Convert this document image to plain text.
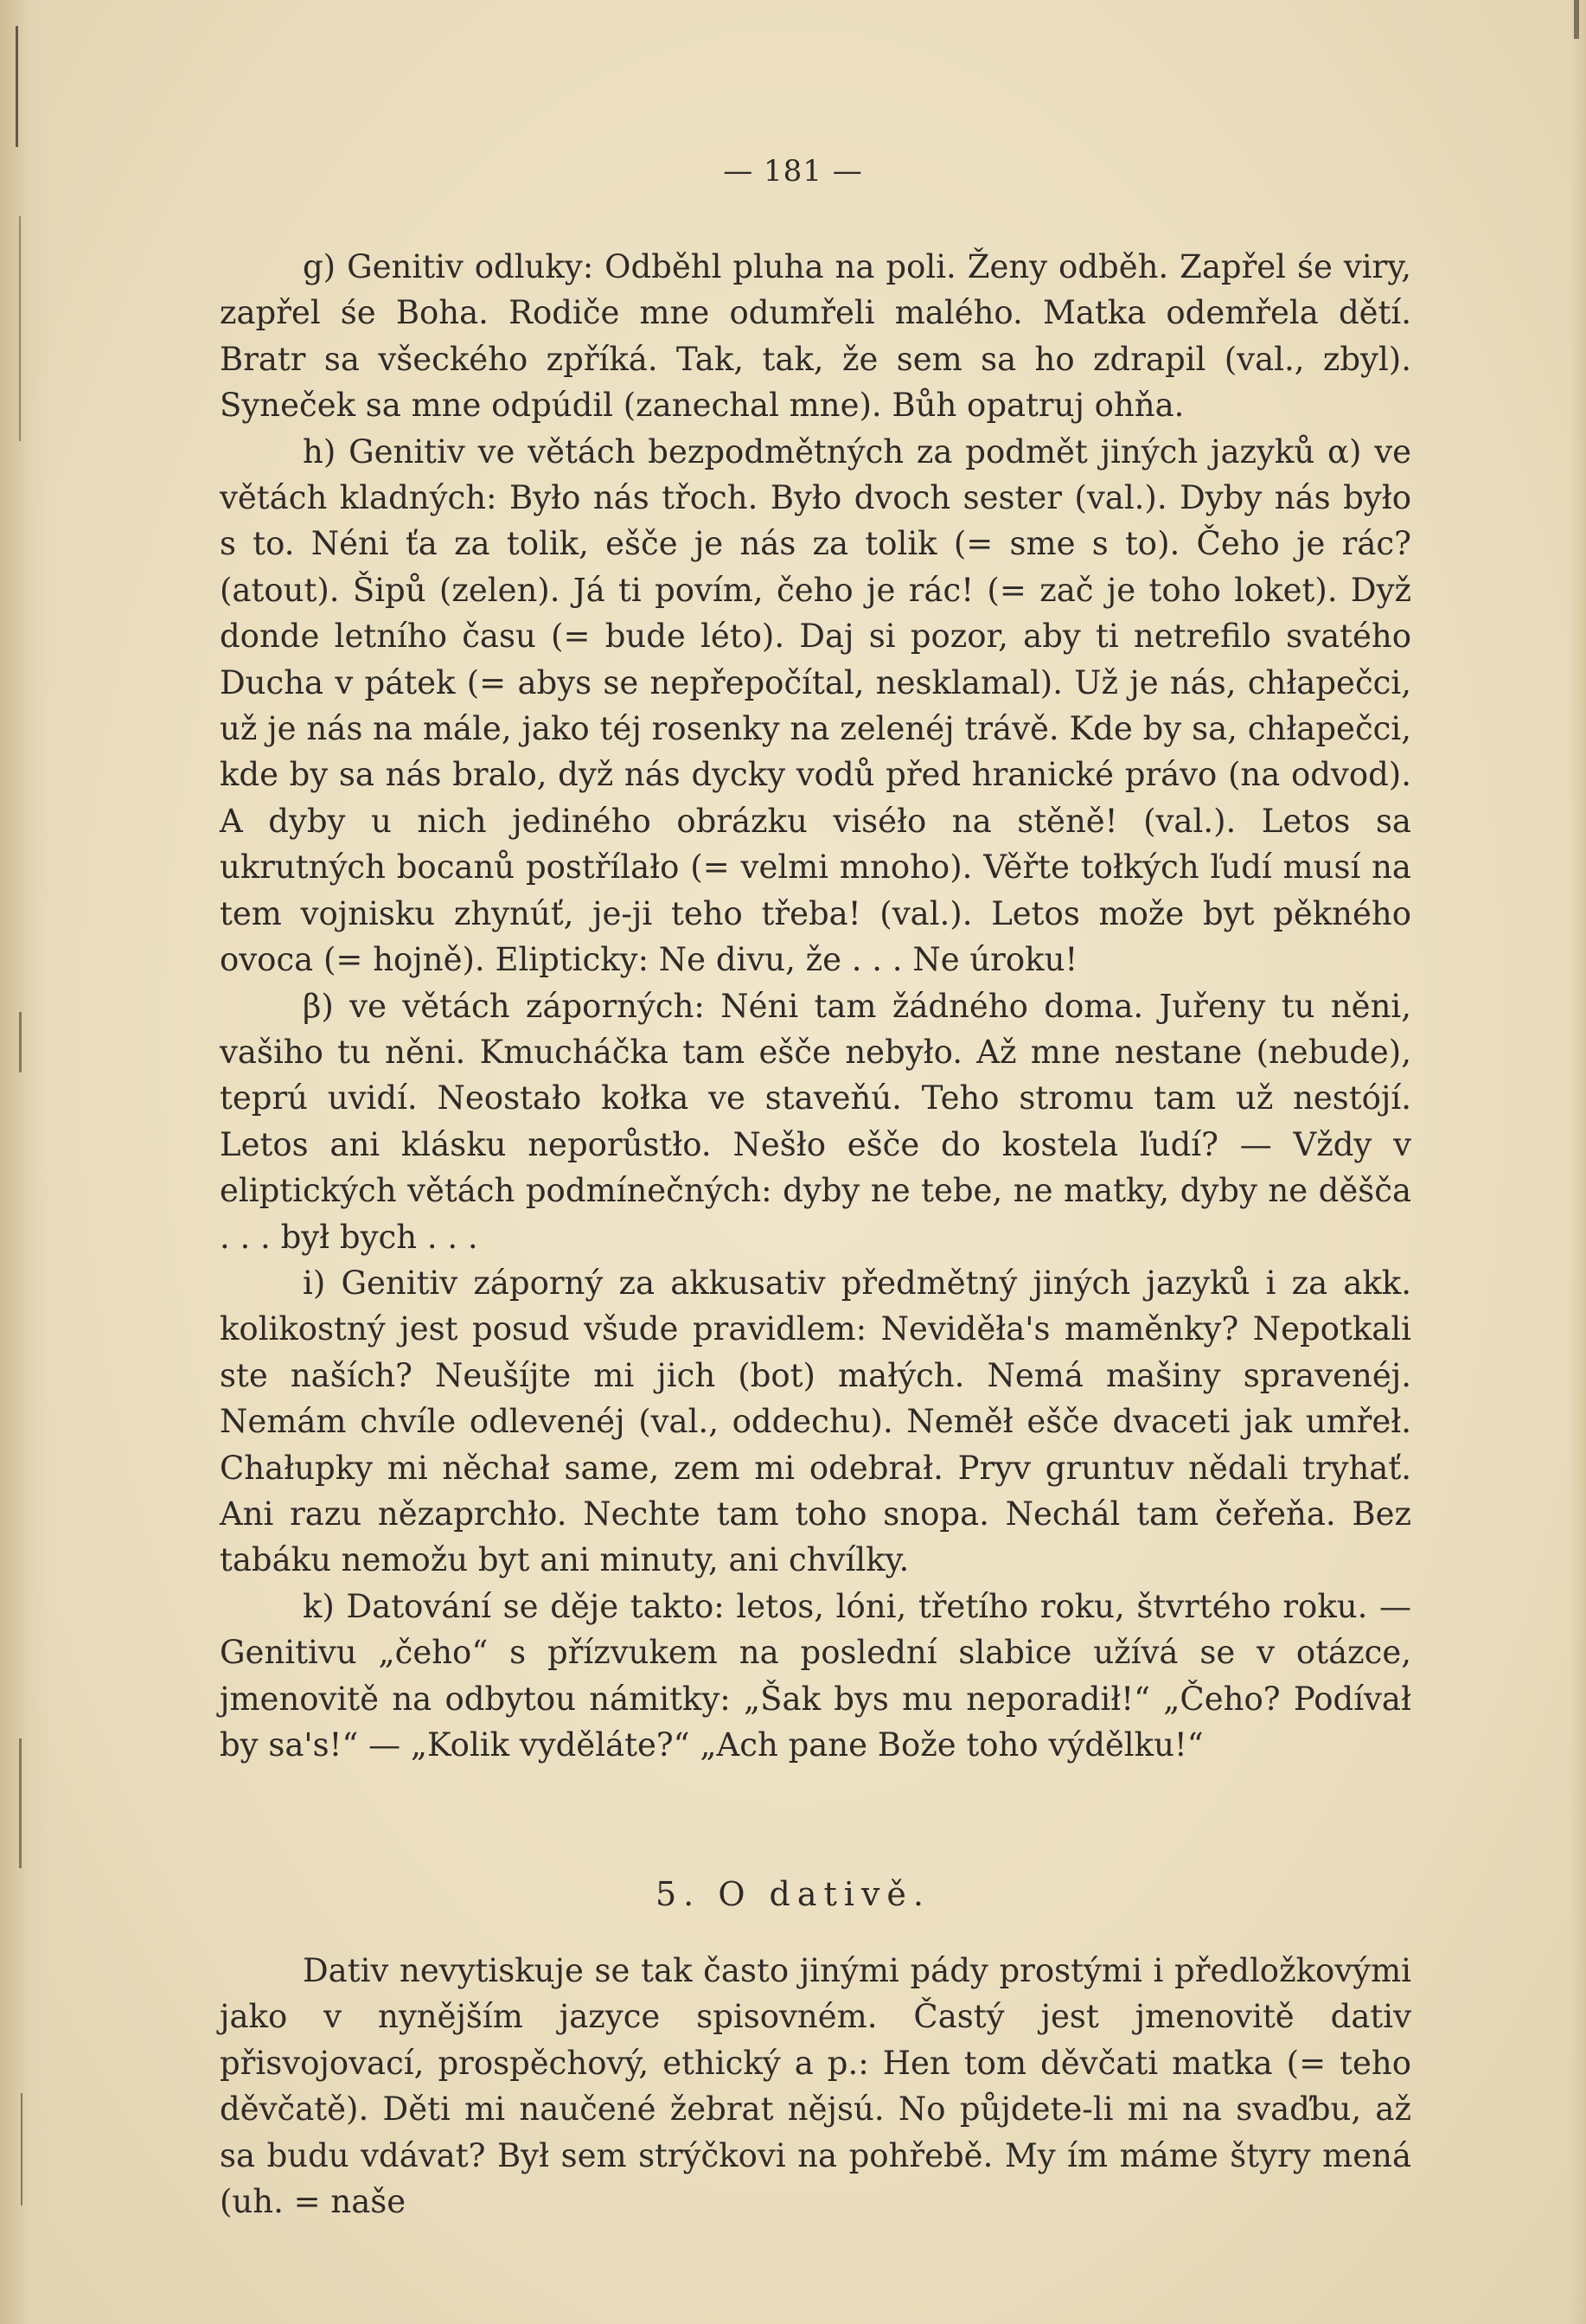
— 181 —

g) Genitiv odluky: Odběhl pluha na poli. Ženy odběh. Zapřel śe viry, zapřel śe Boha. Rodiče mne odumřeli malého. Matka odemřela dětí. Bratr sa všeckého zpříká. Tak, tak, že sem sa ho zdrapil (val., zbyl). Syneček sa mne odpúdil (zanechal mne). Bůh opatruj ohňa.

h) Genitiv ve větách bezpodmětných za podmět jiných jazyků α) ve větách kladných: Było nás třoch. Było dvoch sester (val.). Dyby nás było s to. Néni ťa za tolik, ešče je nás za tolik (= sme s to). Čeho je rác? (atout). Šipů (zelen). Já ti povím, čeho je rác! (= zač je toho loket). Dyž donde letního času (= bude léto). Daj si pozor, aby ti netrefilo svatého Ducha v pátek (= abys se nepřepočítal, nesklamal). Už je nás, chłapečci, už je nás na mále, jako téj rosenky na zelenéj trávě. Kde by sa, chłapečci, kde by sa nás bralo, dyž nás dycky vodů před hranické právo (na odvod). A dyby u nich jediného obrázku viséło na stěně! (val.). Letos sa ukrutných bocanů postřílało (= velmi mnoho). Věřte tołkých ľudí musí na tem vojnisku zhynúť, je-ji teho třeba! (val.). Letos može byt pěkného ovoca (= hojně). Elipticky: Ne divu, že . . . Ne úroku!

β) ve větách záporných: Néni tam žádného doma. Juřeny tu něni, vašiho tu něni. Kmucháčka tam ešče nebyło. Až mne nestane (nebude), teprú uvidí. Neostało kołka ve staveňú. Teho stromu tam už nestójí. Letos ani klásku neporůstło. Nešło ešče do kostela ľudí? — Vždy v eliptických větách podmínečných: dyby ne tebe, ne matky, dyby ne děšča . . . był bych . . .

i) Genitiv záporný za akkusativ předmětný jiných jazyků i za akk. kolikostný jest posud všude pravidlem: Neviděła's maměnky? Nepotkali ste naších? Neušíjte mi jich (bot) małých. Nemá mašiny spravenéj. Nemám chvíle odlevenéj (val., oddechu). Neměł ešče dvaceti jak umřeł. Chałupky mi něchał same, zem mi odebrał. Pryv gruntuv nědali tryhať. Ani razu nězaprchło. Nechte tam toho snopa. Nechál tam čeřeňa. Bez tabáku nemožu byt ani minuty, ani chvílky.

k) Datování se děje takto: letos, lóni, třetího roku, štvrtého roku. — Genitivu „čeho“ s přízvukem na poslední slabice užívá se v otázce, jmenovitě na odbytou námitky: „Šak bys mu neporadił!“ „Čeho? Podívał by sa's!“ — „Kolik vyděláte?“ „Ach pane Bože toho výdělku!“

5. O dativě.

Dativ nevytiskuje se tak často jinými pády prostými i předložkovými jako v nynějším jazyce spisovném. Častý jest jmenovitě dativ přisvojovací, prospěchový, ethický a p.: Hen tom děvčati matka (= teho děvčatě). Děti mi naučené žebrat nějsú. No půjdete-li mi na svaďbu, až sa budu vdávat? Był sem strýčkovi na pohřebě. My ím máme štyry mená (uh. = naše
